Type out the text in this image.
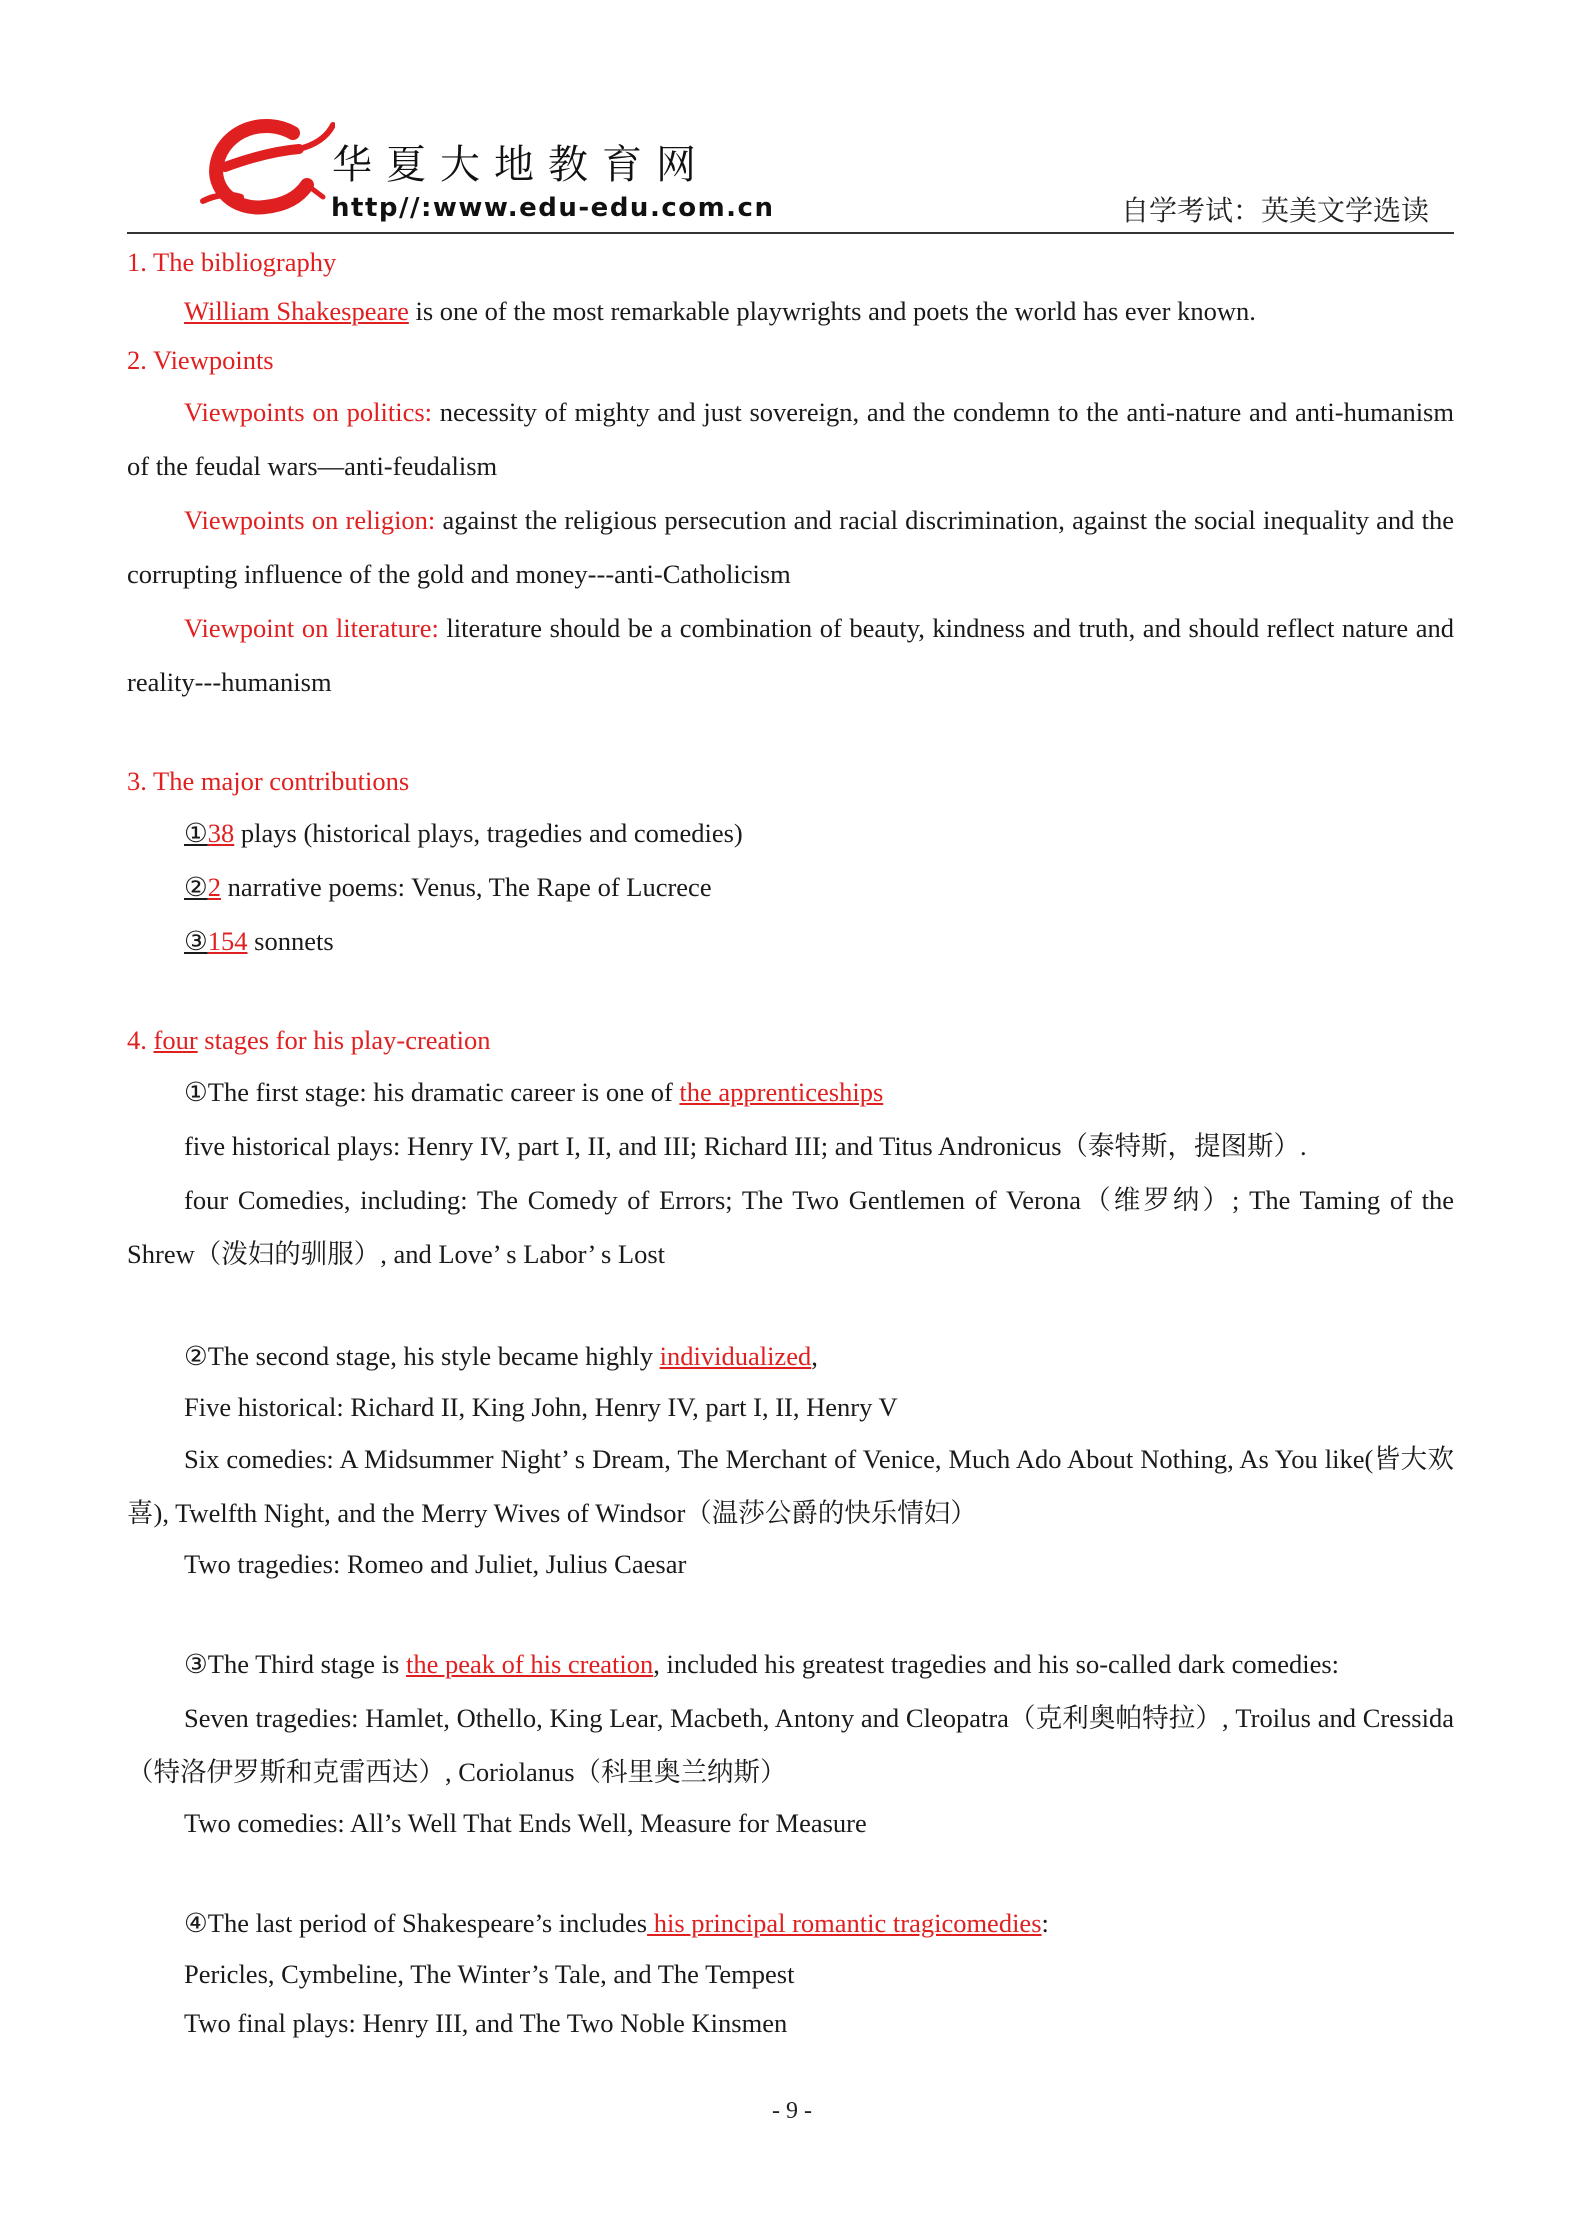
华夏大地教育网
http//:www.edu-edu.com.cn	自学考试：英美文学选读

1. The bibliography

William Shakespeare is one of the most remarkable playwrights and poets the world has ever known.

2. Viewpoints

Viewpoints on politics: necessity of mighty and just sovereign, and the condemn to the anti-nature and anti-humanism of the feudal wars—anti-feudalism

Viewpoints on religion: against the religious persecution and racial discrimination, against the social inequality and the corrupting influence of the gold and money---anti-Catholicism

Viewpoint on literature: literature should be a combination of beauty, kindness and truth, and should reflect nature and reality---humanism

3. The major contributions

①38 plays (historical plays, tragedies and comedies)

②2 narrative poems: Venus, The Rape of Lucrece

③154 sonnets

4. four stages for his play-creation

①The first stage: his dramatic career is one of the apprenticeships

five historical plays: Henry IV, part I, II, and III; Richard III; and Titus Andronicus（泰特斯，提图斯）.

four Comedies, including: The Comedy of Errors; The Two Gentlemen of Verona（维罗纳）; The Taming of the Shrew（泼妇的驯服）, and Love’ s Labor’ s Lost

②The second stage, his style became highly individualized,

Five historical: Richard II, King John, Henry IV, part I, II, Henry V

Six comedies: A Midsummer Night’ s Dream, The Merchant of Venice, Much Ado About Nothing, As You like(皆大欢喜), Twelfth Night, and the Merry Wives of Windsor（温莎公爵的快乐情妇）

Two tragedies: Romeo and Juliet, Julius Caesar

③The Third stage is the peak of his creation, included his greatest tragedies and his so-called dark comedies:

Seven tragedies: Hamlet, Othello, King Lear, Macbeth, Antony and Cleopatra（克利奥帕特拉）, Troilus and Cressida（特洛伊罗斯和克雷西达）, Coriolanus（科里奥兰纳斯）

Two comedies: All’s Well That Ends Well, Measure for Measure

④The last period of Shakespeare’s includes his principal romantic tragicomedies:

Pericles, Cymbeline, The Winter’s Tale, and The Tempest

Two final plays: Henry III, and The Two Noble Kinsmen

- 9 -
